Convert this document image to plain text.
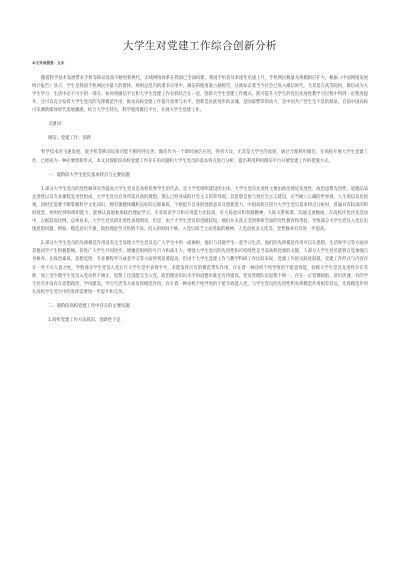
大学生对党建工作综合创新分析
本文导读提要：文末

随着科学技术发展带来手机等移动设备不断更新换代，无线网络体系在我国已全面构建，我国手机普及率逐年迅速上升，手机网民数量及规模相应扩大。根据《中国网络发展统计报告》显示，学生是我国手机网民中最大的群体，规则总范内的诸多应用中，微信的使用量占据榜首，这就标志着当今社会已进入微信时代，尤其是在高等院校，微信成为大学生学习、生活中必不可少的一部分。如何将微信平台和大学生党建工作有机结合在一起，创新大学生党建工作模式，既可提升大学生的党员先进性教学习过程中得到一定程度提升，还可以充分发挥大学生党员的先锋模范作用，推动高校党建工作提升效果与水平，创新是民族进步的灵魂，是国家繁荣的动力，是中国共产党生生不息的源泉，自前中国高校可采测新媒体时代发展潮流，结合大学生特点，科学使用微信平台，开展大学生党建工作。

关键词：
微信；党建工作；创新

科学技术的飞速发展，使手机等移动设备功能不断得到完善，微信作为一个即时通信应用，得到大众，尤其是大学生的欢迎。通过合理利用微信，在高校开展大学生党建工作，已经成为一种必要创新形式，本文对现阶段高校党建工作存在的问题和大学生党员的基本特点进行分析，提出利用利用微信平台开展党建工作的措施方式。

一．现阶段大学生党员基本特点与主要问题

1.部分大学生党员的党性修养有待提高大学生党员是高校优秀学生的代表，是大学党组织建设的主体，大学生党员先进性主要由政治理论先进性，政治思想先进性，道德品质先进性以及专业课程先进性组成，大学生党员自身所需具备的理想，那么已经养成的社会主义的荣辱观，其思想是参与到社会主义建设，应当树立正确的世界观，人生观以及价值观，同时还需要不断掌握科学文化知识，拥有强健体魄和良好的心理素质，不断提升自身的创新意识及创新能力，中国高校在进行大学生党员基本特点分析时，普遍具有较高的组织观念，组织纪律和组织能力，能够认真地参加政治理论学习，专业知识学习和应用能力比较高，有大局意识和奉献精神，人际关系和谐，沟通交流畅通，在高校评优评先活动中，占据较高比例，总体看来，大学生党员的先进性表现明显，但是，由于大学生党员的党龄较短，他们并未真正受到系统全面的党性教育和考验，导致部分大学生党员入党后出现思想问题，例如，模范意识不强，政治理论学习热情不高，投入的时间不够，入党后缺乏主动进取的精神，人党动机多元化等，党性修养有待进一步提高。

2.部分大学生党员的先锋模范作用没有完全显现大学生党员是广大学生中的一面旗帜，他们与其他学生一起学习生活，他们的先锋模范作用可以在思想，生活和学习等方面对其他同学产生积极影响，促进广大学生共同进步，增强党组织的号召力和战斗力，增强大学生党员的先进性和可持续性是当前高校党建的关键，人部分人学生党员能够自觉加强自身修养，在政治素质，思想觉悟，专业课程学习或者学习等方面得到显著提高，但由于大学生党建工作与教学科研工作比较来说，党建工作的关联度较低，党建工作形式与内容存在一些不尽人意之处，导致部分学生党员入党后在大学生党中表现平平，未能发挥应有的模范带头作用，存在着一种动机不纯导致的不愿意效能，较模大学生党员先进性存在差距，加上受少数学生党员入党动机不端正，思想上还没能完全入党，政治理论知识水平和道德水准还有待提高，党员管理队伍思想不统一，存在一定管理缺陷，意识淡薄，有的学生党员并没有在思想政治，学风建设，学习生活等方面发挥模范作用，存在着一种动机不纯导致的不愿为效能入党，与学生党员的先进性和先锋模范作用相差甚远，先锋模范作用在高校学生党员中的发挥需要进一步提升和完善。

二．现阶段高校党建工作中存在的主要问题
1.高校党建工作方法陈旧，创新性不足
